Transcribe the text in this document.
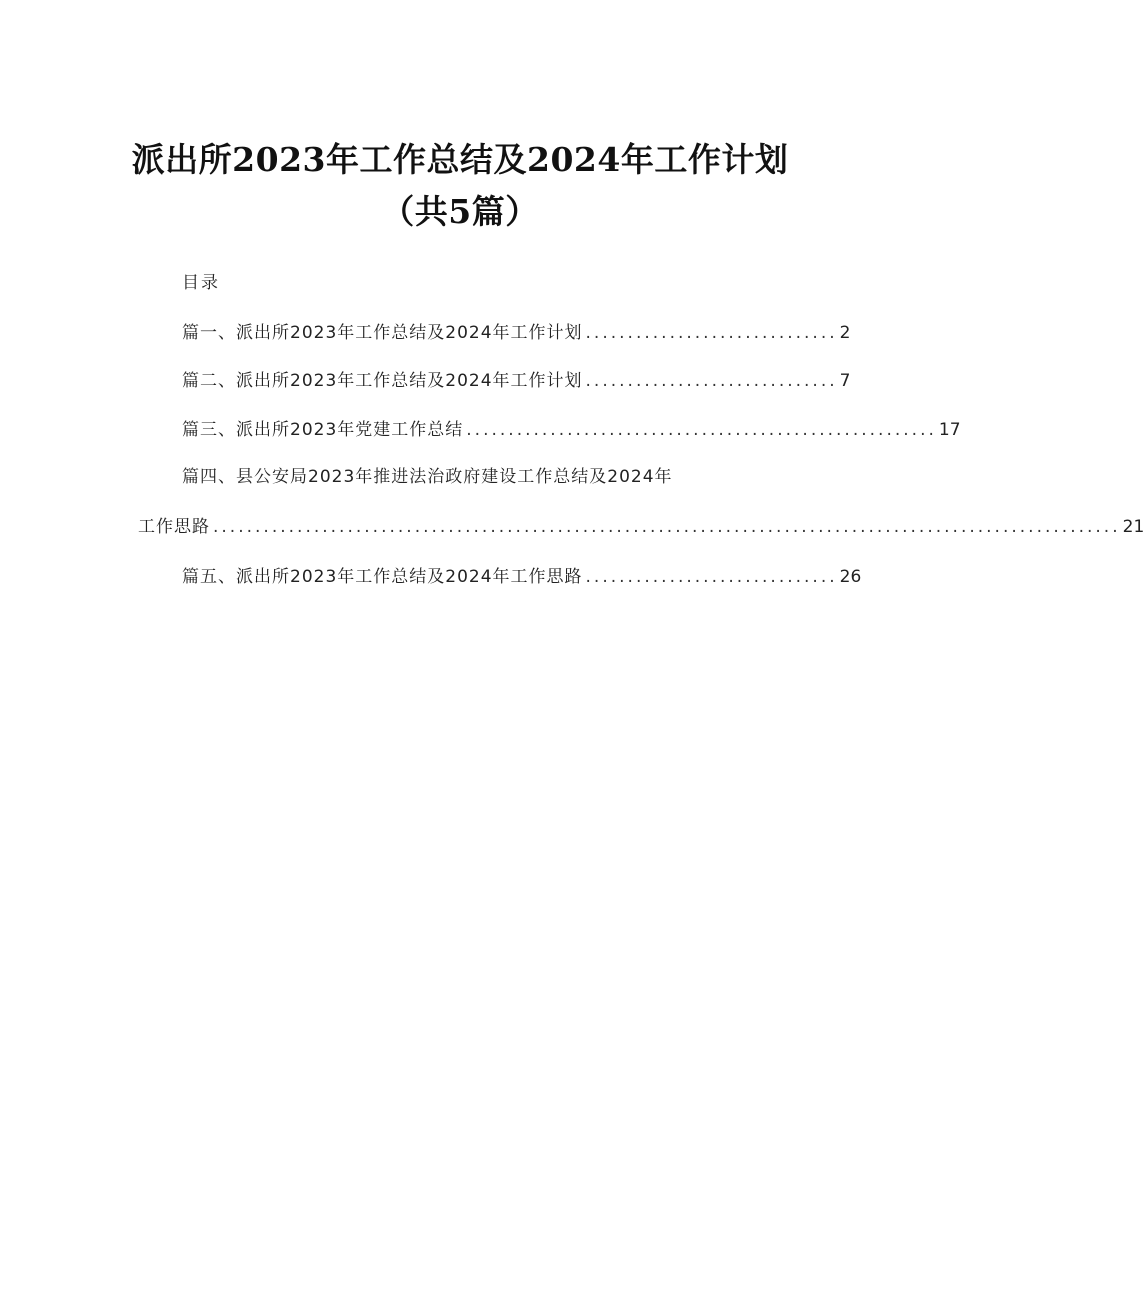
派出所2023年工作总结及2024年工作计划
（共5篇）
目录
篇一、派出所2023年工作总结及2024年工作计划 .............................. 2
篇二、派出所2023年工作总结及2024年工作计划 .............................. 7
篇三、派出所2023年党建工作总结 ........................................................ 17
篇四、县公安局2023年推进法治政府建设工作总结及2024年
工作思路 ............................................................................................................ 21
篇五、派出所2023年工作总结及2024年工作思路 .............................. 26
